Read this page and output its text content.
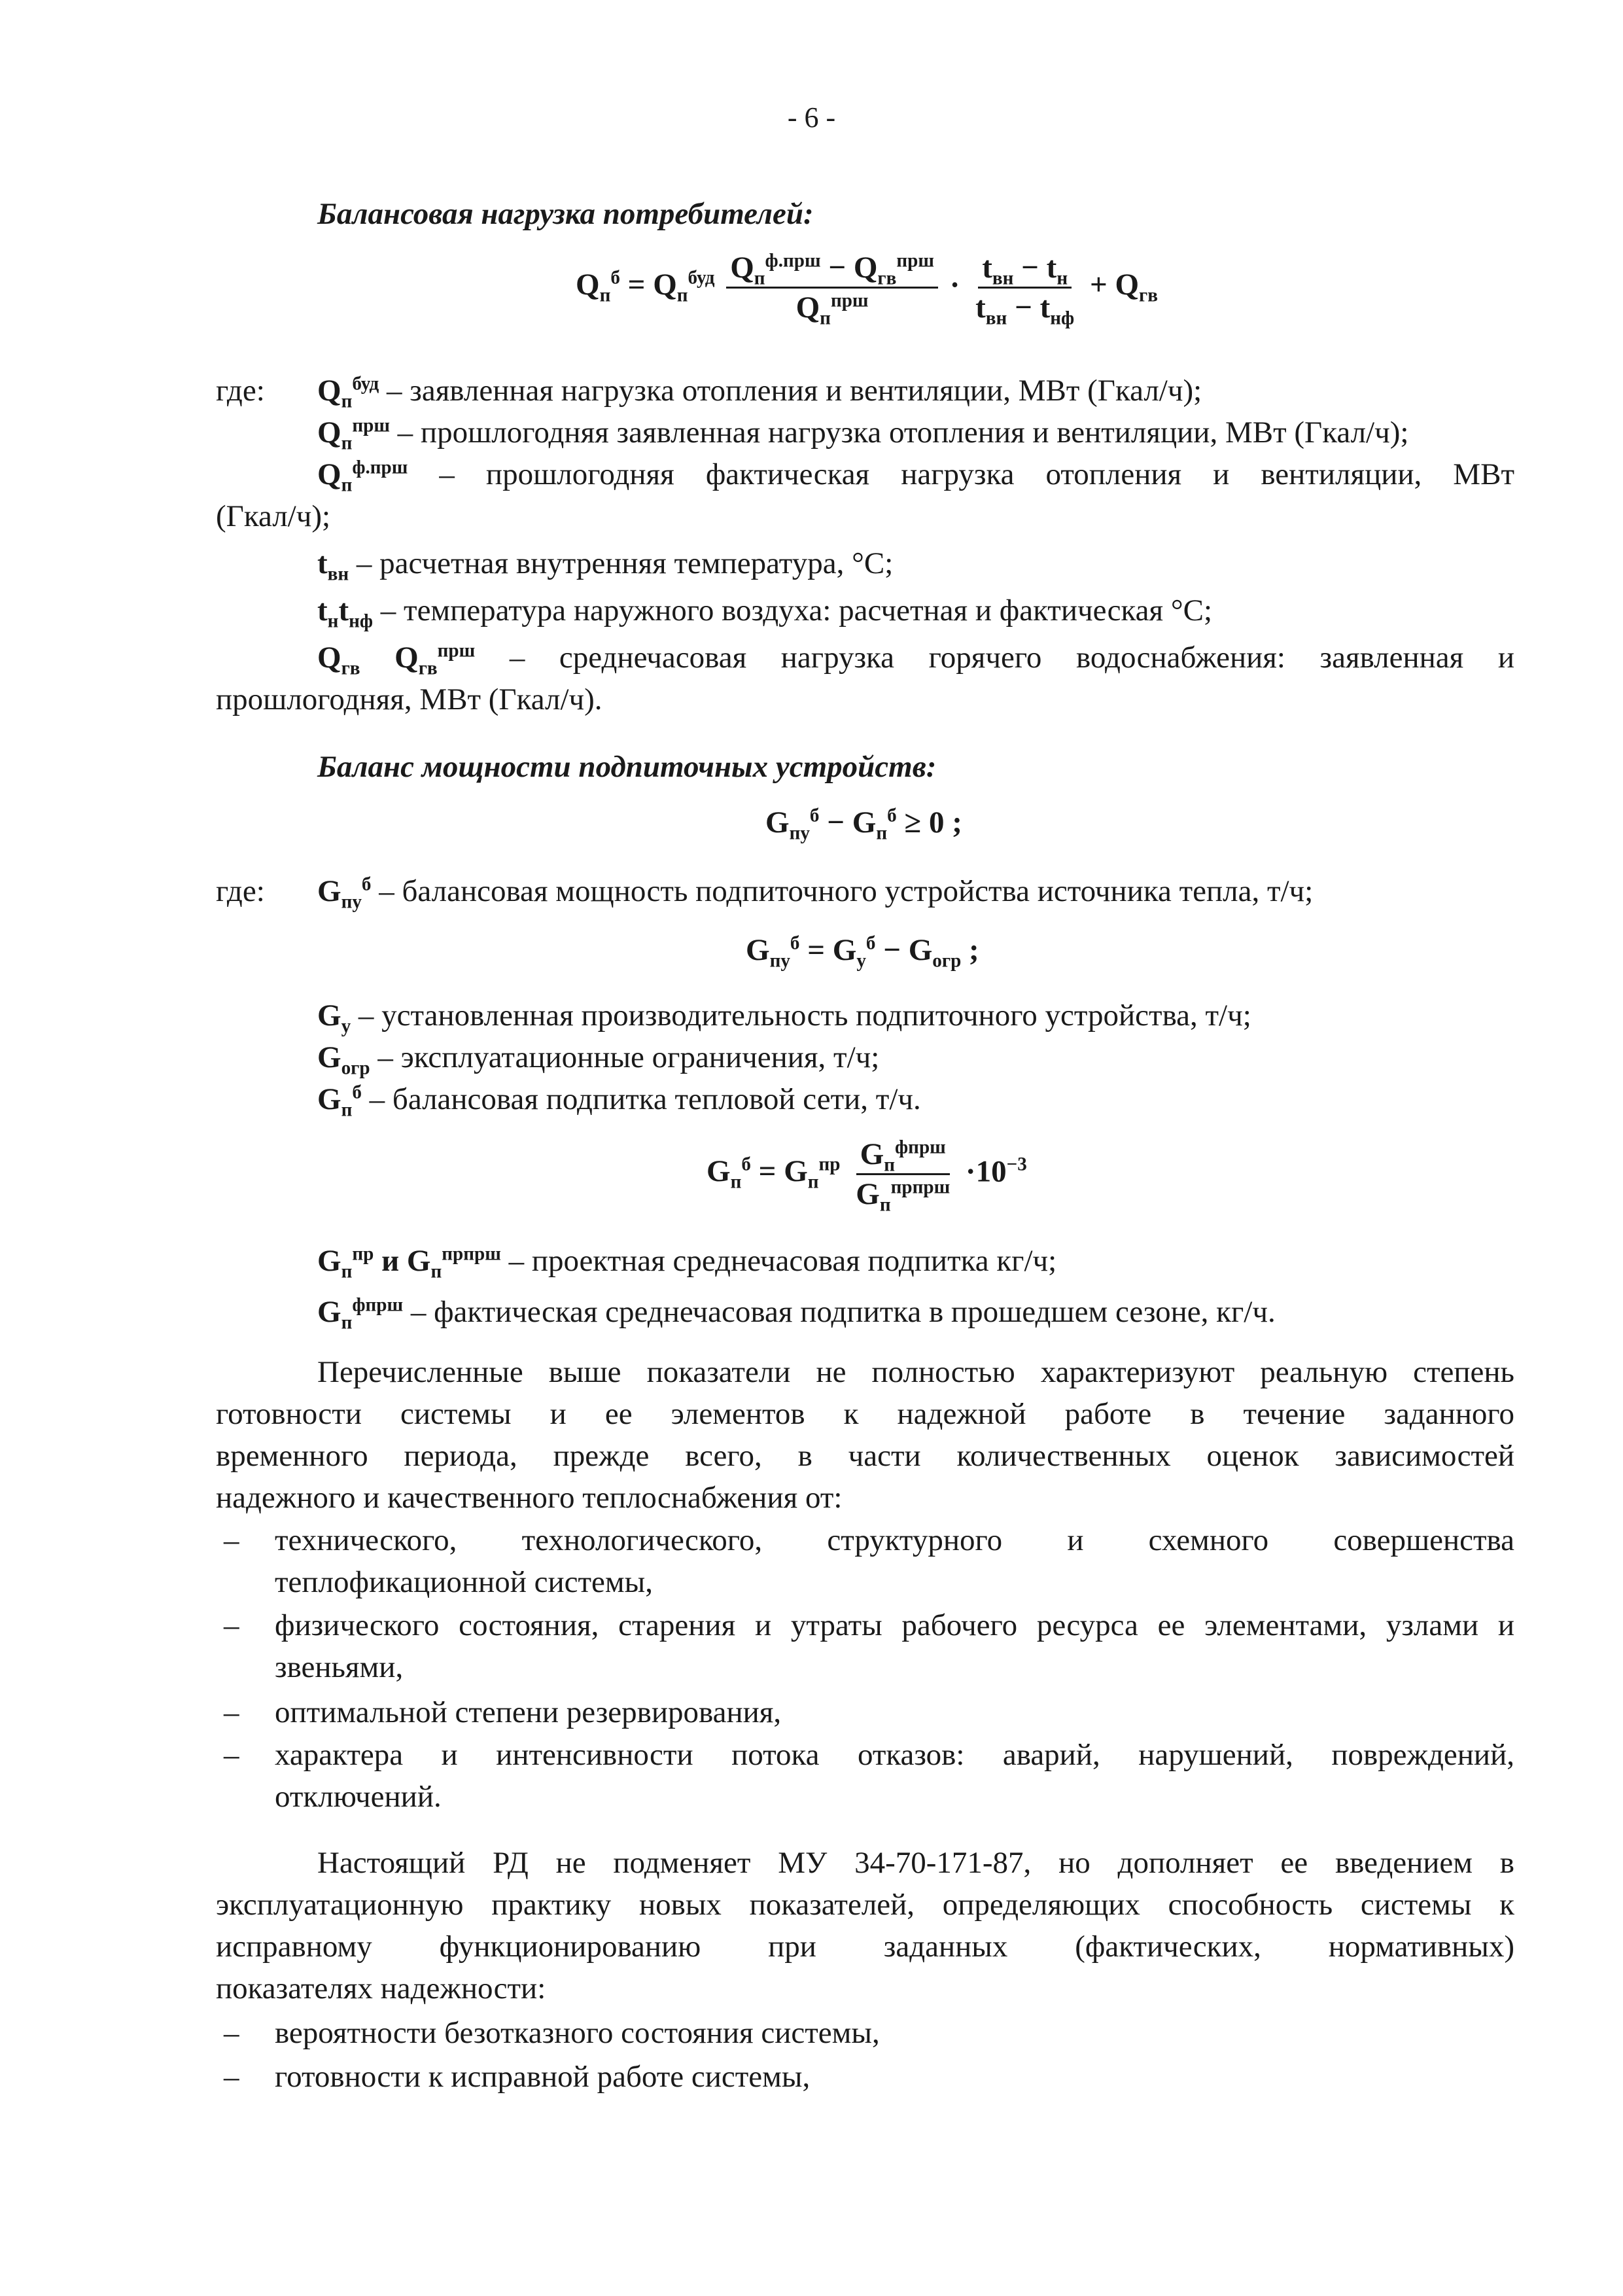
- 6 -
Балансовая нагрузка потребителей:
$Q_п^б = Q_п^{буд} \frac{Q_п^{ф.прш} - Q_{гв}^{прш}}{Q_п^{прш}} \cdot \frac{t_{вн} - t_н}{t_{вн} - t_{нф}} + Q_{гв}$
где:	$Q_п^{буд}$ – заявленная нагрузка отопления и вентиляции, МВт (Гкал/ч);
$Q_п^{прш}$ – прошлогодняя заявленная нагрузка отопления и вентиляции, МВт (Гкал/ч);
$Q_п^{ф.прш}$ – прошлогодняя фактическая нагрузка отопления и вентиляции, МВт
(Гкал/ч);
$t_{вн}$ – расчетная внутренняя температура, °С;
$t_нt_{нф}$ – температура наружного воздуха: расчетная и фактическая °С;
$Q_{гв}$ $Q_{гв}^{прш}$ – среднечасовая нагрузка горячего водоснабжения: заявленная и
прошлогодняя, МВт (Гкал/ч).
Баланс мощности подпиточных устройств:
$G_{пу}^б - G_п^б \ge 0$ ;
где:	$G_{пу}^б$ – балансовая мощность подпиточного устройства источника тепла, т/ч;
$G_{пу}^б = G_у^б - G_{огр}$ ;
$G_у$ – установленная производительность подпиточного устройства, т/ч;
$G_{огр}$ – эксплуатационные ограничения, т/ч;
$G_п^б$ – балансовая подпитка тепловой сети, т/ч.
$G_п^б = G_п^{пр} \frac{G_п^{фпрш}}{G_п^{прпрш}} \cdot 10^{-3}$
$G_п^{пр}$ и $G_п^{прпрш}$ – проектная среднечасовая подпитка кг/ч;
$G_п^{фпрш}$ – фактическая среднечасовая подпитка в прошедшем сезоне, кг/ч.
Перечисленные выше показатели не полностью характеризуют реальную степень
готовности системы и ее элементов к надежной работе в течение заданного
временного периода, прежде всего, в части количественных оценок зависимостей
надежного и качественного теплоснабжения от:
– технического, технологического, структурного и схемного совершенства
теплофикационной системы,
– физического состояния, старения и утраты рабочего ресурса ее элементами, узлами и
звеньями,
– оптимальной степени резервирования,
– характера и интенсивности потока отказов: аварий, нарушений, повреждений,
отключений.
Настоящий РД не подменяет МУ 34-70-171-87, но дополняет ее введением в
эксплуатационную практику новых показателей, определяющих способность системы к
исправному функционированию при заданных (фактических, нормативных)
показателях надежности:
– вероятности безотказного состояния системы,
– готовности к исправной работе системы,
